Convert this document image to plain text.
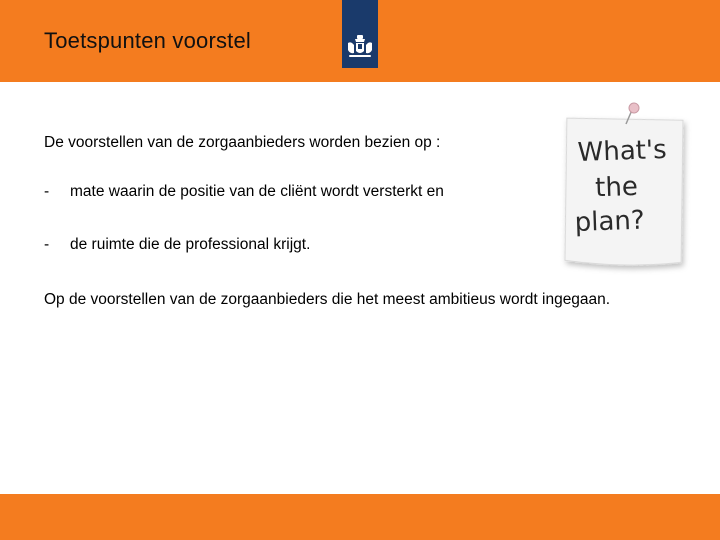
Toetspunten voorstel
De voorstellen van de zorgaanbieders worden bezien op :
- mate waarin de positie van de cliënt wordt versterkt en
- de ruimte die de professional krijgt.
Op de voorstellen van de zorgaanbieders die het meest ambitieus wordt ingegaan.
What's
the
plan?
